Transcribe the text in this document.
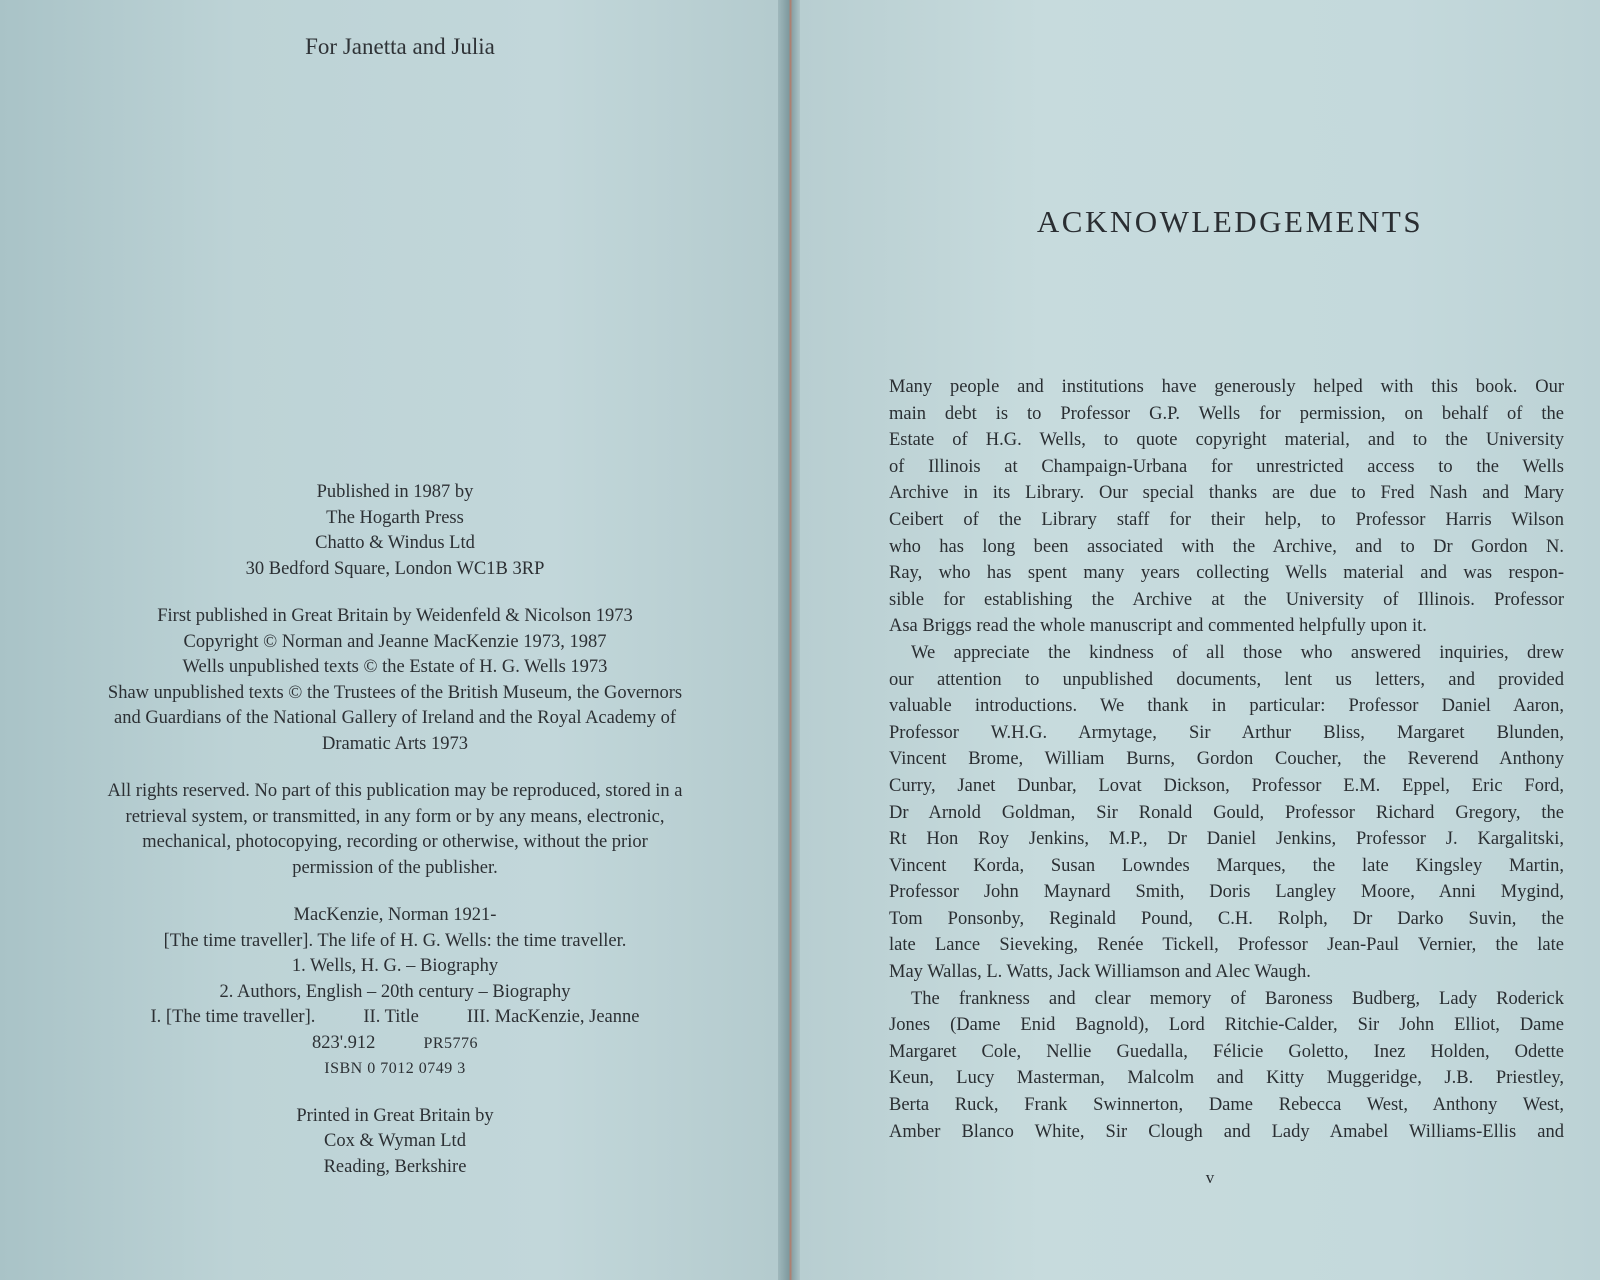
For Janetta and Julia
Published in 1987 by
The Hogarth Press
Chatto & Windus Ltd
30 Bedford Square, London WC1B 3RP
First published in Great Britain by Weidenfeld & Nicolson 1973
Copyright © Norman and Jeanne MacKenzie 1973, 1987
Wells unpublished texts © the Estate of H. G. Wells 1973
Shaw unpublished texts © the Trustees of the British Museum, the Governors
and Guardians of the National Gallery of Ireland and the Royal Academy of
Dramatic Arts 1973
All rights reserved. No part of this publication may be reproduced, stored in a
retrieval system, or transmitted, in any form or by any means, electronic,
mechanical, photocopying, recording or otherwise, without the prior
permission of the publisher.
MacKenzie, Norman 1921-
[The time traveller]. The life of H. G. Wells: the time traveller.
1. Wells, H. G. – Biography
2. Authors, English – 20th century – Biography
I. [The time traveller].	II. Title	III. MacKenzie, Jeanne
823'.912	PR5776
ISBN 0 7012 0749 3
Printed in Great Britain by
Cox & Wyman Ltd
Reading, Berkshire
ACKNOWLEDGEMENTS
Many people and institutions have generously helped with this book. Our
main debt is to Professor G.P. Wells for permission, on behalf of the
Estate of H.G. Wells, to quote copyright material, and to the University
of Illinois at Champaign-Urbana for unrestricted access to the Wells
Archive in its Library. Our special thanks are due to Fred Nash and Mary
Ceibert of the Library staff for their help, to Professor Harris Wilson
who has long been associated with the Archive, and to Dr Gordon N.
Ray, who has spent many years collecting Wells material and was respon-
sible for establishing the Archive at the University of Illinois. Professor
Asa Briggs read the whole manuscript and commented helpfully upon it.
We appreciate the kindness of all those who answered inquiries, drew
our attention to unpublished documents, lent us letters, and provided
valuable introductions. We thank in particular: Professor Daniel Aaron,
Professor W.H.G. Armytage, Sir Arthur Bliss, Margaret Blunden,
Vincent Brome, William Burns, Gordon Coucher, the Reverend Anthony
Curry, Janet Dunbar, Lovat Dickson, Professor E.M. Eppel, Eric Ford,
Dr Arnold Goldman, Sir Ronald Gould, Professor Richard Gregory, the
Rt Hon Roy Jenkins, M.P., Dr Daniel Jenkins, Professor J. Kargalitski,
Vincent Korda, Susan Lowndes Marques, the late Kingsley Martin,
Professor John Maynard Smith, Doris Langley Moore, Anni Mygind,
Tom Ponsonby, Reginald Pound, C.H. Rolph, Dr Darko Suvin, the
late Lance Sieveking, Renée Tickell, Professor Jean-Paul Vernier, the late
May Wallas, L. Watts, Jack Williamson and Alec Waugh.
The frankness and clear memory of Baroness Budberg, Lady Roderick
Jones (Dame Enid Bagnold), Lord Ritchie-Calder, Sir John Elliot, Dame
Margaret Cole, Nellie Guedalla, Félicie Goletto, Inez Holden, Odette
Keun, Lucy Masterman, Malcolm and Kitty Muggeridge, J.B. Priestley,
Berta Ruck, Frank Swinnerton, Dame Rebecca West, Anthony West,
Amber Blanco White, Sir Clough and Lady Amabel Williams-Ellis and
v
